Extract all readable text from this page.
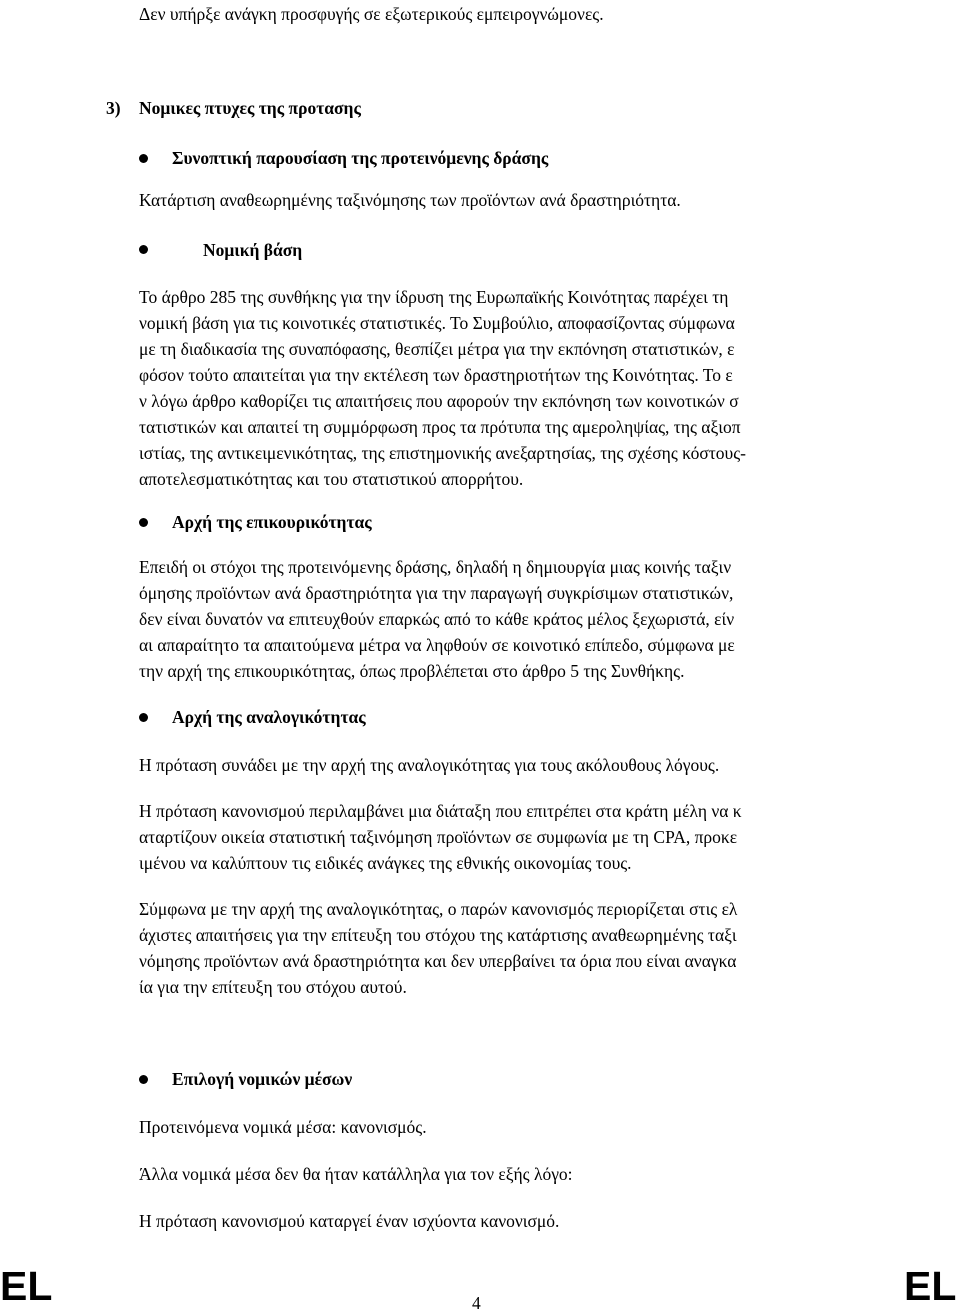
Δεν υπήρξε ανάγκη προσφυγής σε εξωτερικούς εμπειρογνώμονες.

3) Νομικες πτυχες της προτασης
Συνοπτική παρουσίαση της προτεινόμενης δράσης

Κατάρτιση αναθεωρημένης ταξινόμησης των προϊόντων ανά δραστηριότητα.

Νομική βάση
Το άρθρο 285 της συνθήκης για την ίδρυση της Ευρωπαϊκής Κοινότητας παρέχει τη
νομική βάση για τις κοινοτικές στατιστικές. Το Συμβούλιο, αποφασίζοντας σύμφωνα
με τη διαδικασία της συναπόφασης, θεσπίζει μέτρα για την εκπόνηση στατιστικών, ε
φόσον τούτο απαιτείται για την εκτέλεση των δραστηριοτήτων της Κοινότητας. Το ε
ν λόγω άρθρο καθορίζει τις απαιτήσεις που αφορούν την εκπόνηση των κοινοτικών σ
τατιστικών και απαιτεί τη συμμόρφωση προς τα πρότυπα της αμεροληψίας, της αξιοπ
ιστίας, της αντικειμενικότητας, της επιστημονικής ανεξαρτησίας, της σχέσης κόστους-
αποτελεσματικότητας και του στατιστικού απορρήτου.
Αρχή της επικουρικότητας
Επειδή οι στόχοι της προτεινόμενης δράσης, δηλαδή η δημιουργία μιας κοινής ταξιν
όμησης προϊόντων ανά δραστηριότητα για την παραγωγή συγκρίσιμων στατιστικών,
δεν είναι δυνατόν να επιτευχθούν επαρκώς από το κάθε κράτος μέλος ξεχωριστά, είν
αι απαραίτητο τα απαιτούμενα μέτρα να ληφθούν σε κοινοτικό επίπεδο, σύμφωνα με
την αρχή της επικουρικότητας, όπως προβλέπεται στο άρθρο 5 της Συνθήκης.
Αρχή της αναλογικότητας

Η πρόταση συνάδει με την αρχή της αναλογικότητας για τους ακόλουθους λόγους.

Η πρόταση κανονισμού περιλαμβάνει μια διάταξη που επιτρέπει στα κράτη μέλη να κ
αταρτίζουν οικεία στατιστική ταξινόμηση προϊόντων σε συμφωνία με τη CPA, προκε
ιμένου να καλύπτουν τις ειδικές ανάγκες της εθνικής οικονομίας τους.
Σύμφωνα με την αρχή της αναλογικότητας, ο παρών κανονισμός περιορίζεται στις ελ
άχιστες απαιτήσεις για την επίτευξη του στόχου της κατάρτισης αναθεωρημένης ταξι
νόμησης προϊόντων ανά δραστηριότητα και δεν υπερβαίνει τα όρια που είναι αναγκα
ία για την επίτευξη του στόχου αυτού.
Επιλογή νομικών μέσων

Προτεινόμενα νομικά μέσα: κανονισμός.

Άλλα νομικά μέσα δεν θα ήταν κατάλληλα για τον εξής λόγο:

Η πρόταση κανονισμού καταργεί έναν ισχύοντα κανονισμό.

EL	4	EL
